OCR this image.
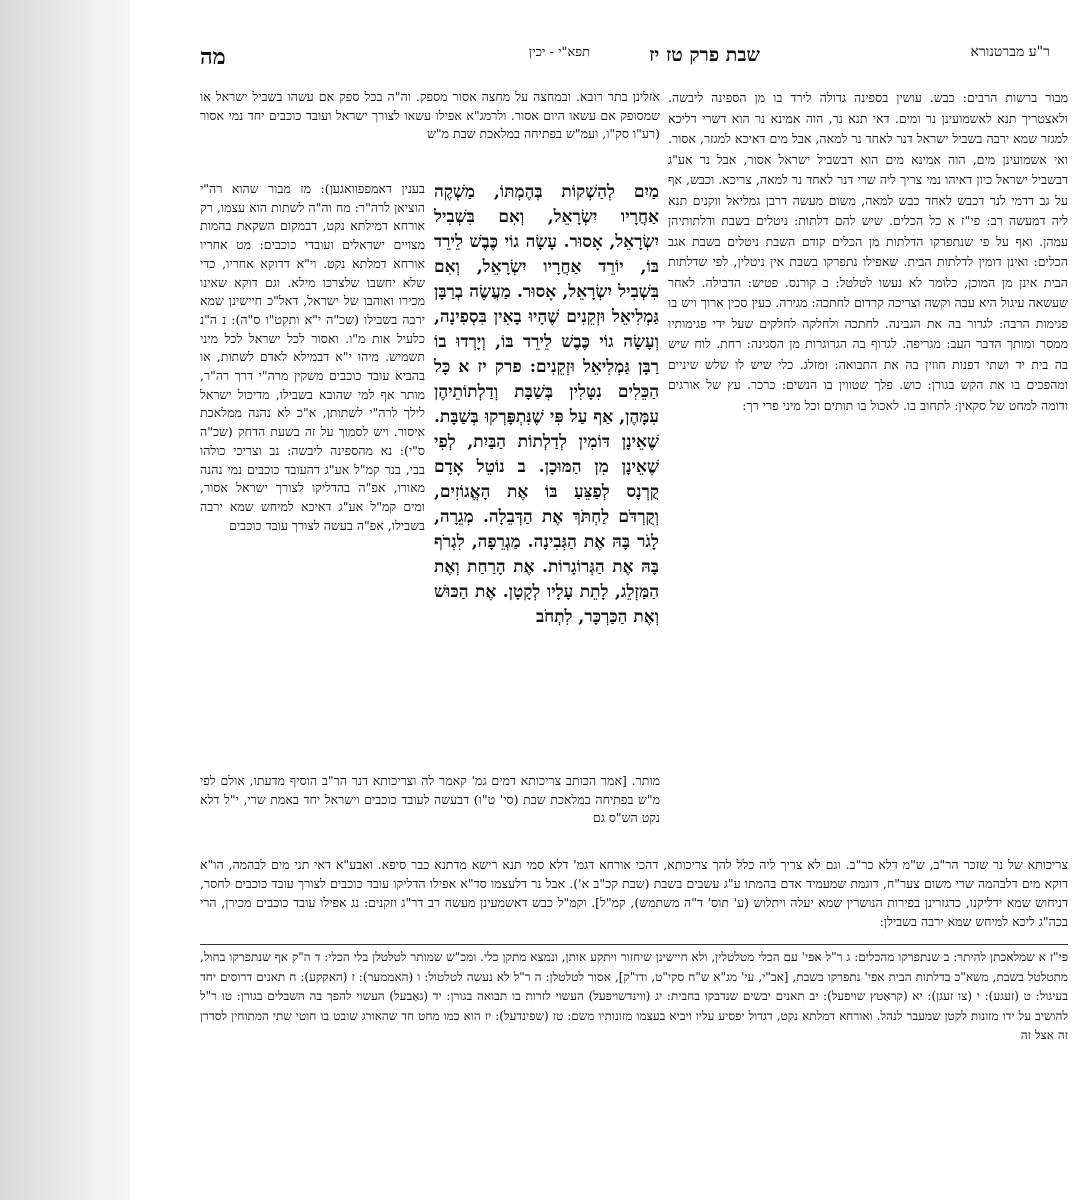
ר"ע מברטנורא
שבת פרק טז יז
תפא"י - יכין
מה

אזלינן בתר רובא. ובמחצה על מחצה אסור מספק. וה"ה בכל ספק אם עשהו בשביל ישראל או שמסופק אם עשאו היום אסור. ולרמג"א אפילו עשאו לצורך ישראל ועובד כוכבים יחד נמי אסור (רע"ו סק"ו, ועמ"ש בפתיחה במלאכת שבת מ"ש

מבור ברשות הרבים: כבש. עושין בספינה גדולה לירד בו מן הספינה ליבשה. ולאצטריך תנא לאשמועינן נר ומים. דאי תנא נר, הוה אמינא נר הוא דשרי דליכא למגזר שמא ירבה בשביל ישראל דנר לאחד נר למאה, אבל מים דאיכא למגזר, אסור. ואי אשמועינן מים, הוה אמינא מים הוא דבשביל ישראל אסור, אבל נר אע"ג דבשביל ישראל כיון דאיהו נמי צריך ליה שרי דנר לאחד נר למאה, צריכא. וכבש, אף על גב דדמי לנר דכבש לאחד כבש למאה, משום מעשה דרבן גמליאל ווקנים תנא ליה דמעשה רב: פי"ז א כל הכלים. שיש להם דלתות: ניטלים בשבת ודלתותיהן עמהן. ואף על פי שנתפרקו הדלתות מן הכלים קודם השבת ניטלים בשבת אגב הכלים: ואינן דומין לדלתות הבית. שאפילו נתפרקו בשבת אין ניטלין, לפי שדלתות הבית אינן מן המוכן, כלומר לא נעשו לטלטל: ב קורנס. פטיש: הדבילה. לאחר שעשאה עיגול היא עבה וקשה וצריכה קרדום לחתכה: מגירה. כעין סכין ארוך ויש בו פגימות הרבה: לגרור בה את הגבינה. לחתכה ולחלקה לחלקים שעל ידי פגימותיו ממסר ומותך הדבר העב: מגריפה. לגרוף בה הגרוגרות מן הסגינה: רחת. לוח שיש בה בית יד ושתי דפנות חוזין בה את התבואה: ומזלג. כלי שיש לו שלש שיניים ומהפכים בו את הקש בגורן: כוש. פלך שטווין בו הנשים: כרכר. עץ של אורגים ודומה למחט של סקאין: לתחוב בו. לאכול בו תותים וכל מיני פרי רך:

מַיִם לְהַשְׁקוֹת בְּהֶמְתּוֹ, מַשְׁקֶה אַחֲרָיו יִשְׂרָאֵל, וְאִם בִּשְׁבִיל יִשְׂרָאֵל, אָסוּר. עָשָׂה גוֹי כֶּבֶשׁ לֵירֵד בּוֹ, יוֹרֵד אַחֲרָיו יִשְׂרָאֵל, וְאִם בִּשְׁבִיל יִשְׂרָאֵל, אָסוּר. מַעֲשֶׂה בְרַבָּן גַּמְלִיאֵל וּזְקֵנִים שֶׁהָיוּ בָאִין בִּסְפִינָה, וְעָשָׂה גוֹי כֶּבֶשׁ לֵירֵד בּוֹ, וְיָרְדוּ בוֹ רַבָּן גַּמְלִיאֵל וּזְקֵנִים: פרק יז א כָּל הַכֵּלִים נִטָּלִין בְּשַׁבָּת וְדַלְתוֹתֵיהֶן עִמָּהֶן, אַף עַל פִּי שֶׁנִּתְפָּרְקוּ בְּשַׁבָּת. שֶׁאֵינָן דּוֹמִין לְדַלְתוֹת הַבַּיִת, לְפִי שֶׁאֵינָן מִן הַמּוּכָן. ב נוֹטֵל אָדָם קֻרְנָס לְפַצֵּעַ בּוֹ אֶת הָאֱגוֹזִים, וְקֻרְדֹּם לַחְתֹּךְ אֶת הַדְּבֵלָה. מְגֵרָה, לָגֹר בָּהּ אֶת הַגְּבִינָה. מַגְרֵפָה, לִגְרֹף בָּהּ אֶת הַגְּרוֹגָרוֹת. אֶת הָרַחַת וְאֶת הַמַּזְלֵג, לָתֵת עָלָיו לְקָטָן. אֶת הַכּוּשׁ וְאֶת הַכַּרְכָּר, לִתְחֹב

בענין דאמפפוואגען): מז מבור שהוא רה"י הוציאן לרה"ר: מח וה"ה לשתות הוא עצמו, רק אורחא דמילתא נקט, דבמקום השקאת בהמות מצויים ישראלים ועובדי כוכבים: מט אחריו אורחא דמלתא נקט. וי"א דדוקא אחריו, כדי שלא יחשבו שלצרכו מילא. וגם דוקא שאינו מכירו ואוהבו של ישראל, דאל"כ חיישינן שמא ירבה בשבילו (שכ"ה י"א ותקט"ו ס"ה): נ ה"נ כלעיל אות מ"ו. ואסור לכל ישראל לכל מיני תשמיש. מיהו י"א דבמילא לאדם לשתות, או בהביא עובד כוכבים משקין מרה"י דרך רה"ר, מותר אף למי שהובא בשבילו, מדיכול ישראל לילך לרה"י לשתותן, א"כ לא נהנה ממלאכת איסור. ויש לסמוך על זה בשעת הדחק (שכ"ה ס"י): נא מהספינה ליבשה: נב וצריכי כולהו בבי, בנר קמ"ל אע"ג דהעובד כוכבים נמי נהנה מאורו, אפ"ה בהדליקו לצורך ישראל אסור, ומים קמ"ל אע"ג דאיכא למיחש שמא ירבה בשבילו, אפ"ה בעשה לצורך עובד כוכבים

מותר. [אמר הכותב צריכותא דמים גמ' קאמר לה וצריכותא דנר הר"ב הוסיף מדעתו, אולם לפי מ"ש בפתיחה במלאכת שבת (סי' ט"ו) דבעשה לעובד כוכבים וישראל יחד באמת שרי, י"ל דלא נקט הש"ס גם

צריכותא של נר שזכר הר"ב, ש"מ דלא כר"ב. וגם לא צריך ליה כלל להך צריכותא, דהכי אורחא דגמ' דלא סמי תנא רישא מדתנא כבר סיפא. ואבע"א דאי תני מים לבהמה, הו"א דוקא מים דלבהמה שרי משום צער"ח, דוגמת שמעמיד אדם בהמתו ע"ג עשבים בשבת (שבת קכ"ב א'). אבל נר דלעצמו סד"א אפילו הדליקו עובד כוכבים לצורך עובד כוכבים לחסר, דניחוש שמא ידליקנו, כדגזרינן בפירות הנושרין שמא יעלה ויתלוש (ע' תוס' ד"ה משתמש), קמ"ל]. וקמ"ל כבש דאשמעינן מעשה רב דר"ג וזקנים: נג אפילו עובד כוכבים מכירן, הרי בכה"ג ליכא למיחש שמא ירבה בשבילן:

פי"ז א שמלאכתן להיתר: ב שנתפרקו מהכלים: ג ר"ל אפי' עם הכלי מטלטלין, ולא חיישינן שיחזור ויתקע אותן, ונמצא מתקן כלי. ומכ"ש שמותר לטלטלן בלי הכלי: ד ה"ק אף שנתפרקו בחול, מתטלטל בשבת, משא"כ בדלתות הבית אפי' נתפרקו בשבת, [אב"י, עי' מג"א ש"ח סקי"ט, ודו"ק], אסור לטלטלן: ה ר"ל לא נעשה לטלטול: ו (האממער): ז (האקקע): ח תאנים דרוסים יחד בעיגול: ט (זעגע): י (צו זעגן): יא (קראַטץ שויפעל): יב תאנים יבשים שנדבקו בחבית: יג (ווינדשויפעל) העשוי לזרות בו תבואה בגורן: יד (גאַבעל) העשוי להפך בה השבלים בגורן: טו ר"ל להושיב על ידו מזונות לקטן שמעבר לנהל. ואורחא דמלתא נקט, דגדול יפסיע עליו ויביא בעצמו מזונותיו משם: טז (שפינדעל): יז הוא כמו מחט חד שהאורג שובט בו חוטי שתי המתוחין לסדרן זה אצל זה
